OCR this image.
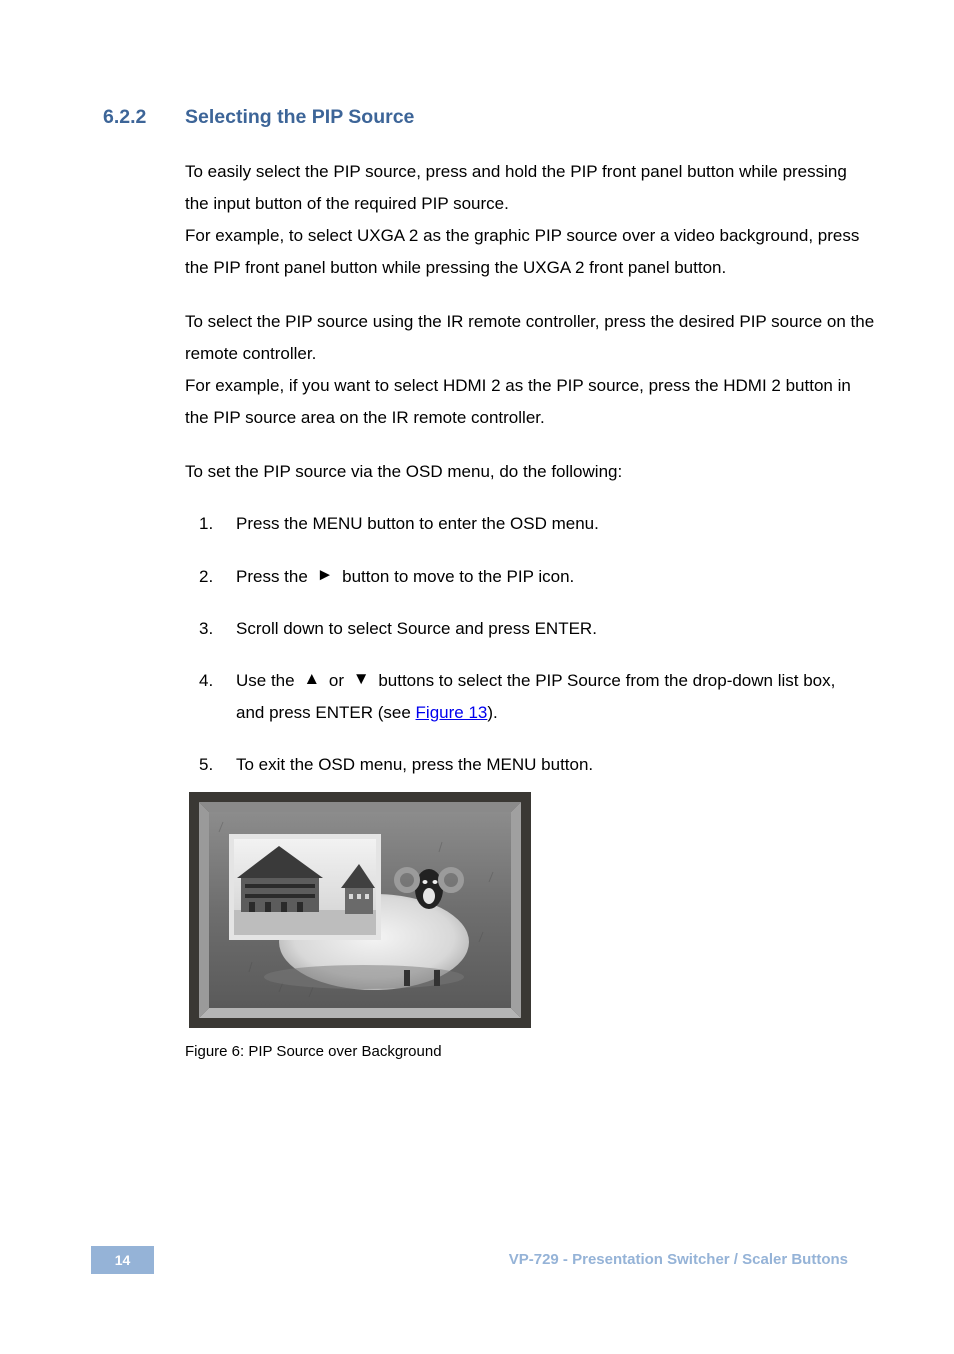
6.2.2 Selecting the PIP Source

To easily select the PIP source, press and hold the PIP front panel button while pressing the input button of the required PIP source.

For example, to select UXGA 2 as the graphic PIP source over a video background, press the PIP front panel button while pressing the UXGA 2 front panel button.

To select the PIP source using the IR remote controller, press the desired PIP source on the remote controller.

For example, if you want to select HDMI 2 as the PIP source, press the HDMI 2 button in the PIP source area on the IR remote controller.

To set the PIP source via the OSD menu, do the following:

1. Press the MENU button to enter the OSD menu.
2. Press the ► button to move to the PIP icon.
3. Scroll down to select Source and press ENTER.
4. Use the ▲ or ▼ buttons to select the PIP Source from the drop-down list box, and press ENTER (see Figure 13).
5. To exit the OSD menu, press the MENU button.
Figure 6: PIP Source over Background
14	VP-729 - Presentation Switcher / Scaler Buttons
